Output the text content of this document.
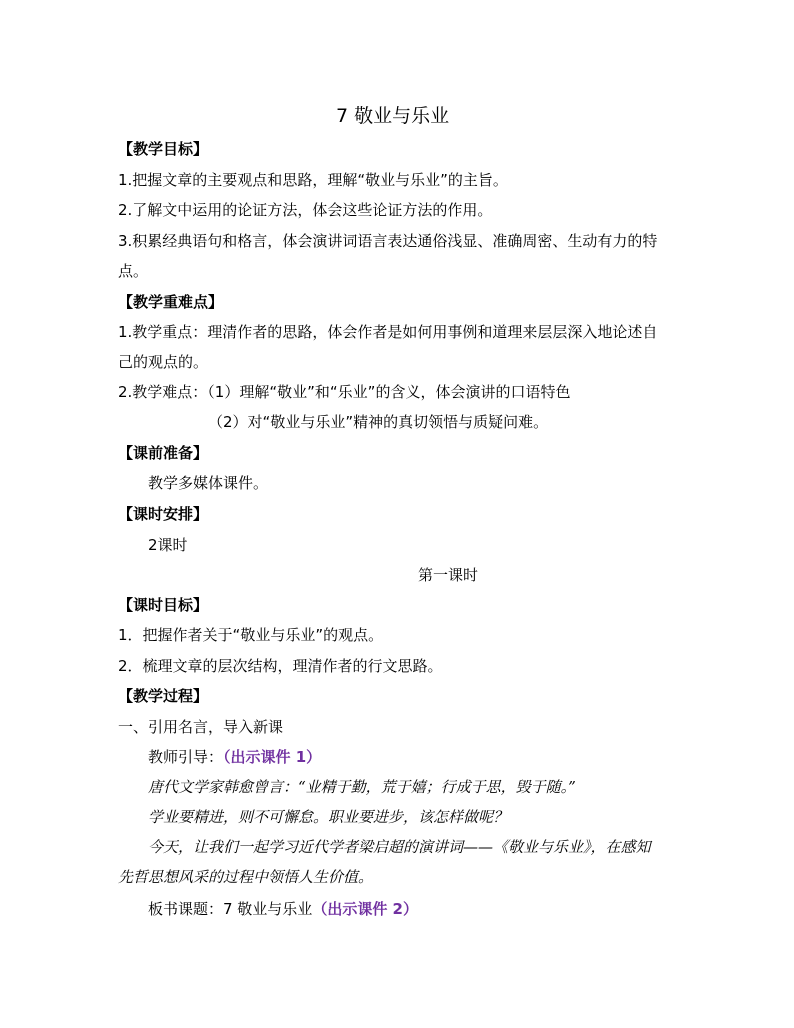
7 敬业与乐业
【教学目标】
1.把握文章的主要观点和思路，理解“敬业与乐业”的主旨。
2.了解文中运用的论证方法，体会这些论证方法的作用。
3.积累经典语句和格言，体会演讲词语言表达通俗浅显、准确周密、生动有力的特
点。
【教学重难点】
1.教学重点：理清作者的思路，体会作者是如何用事例和道理来层层深入地论述自
己的观点的。
2.教学难点：（1）理解“敬业”和“乐业”的含义，体会演讲的口语特色
（2）对“敬业与乐业”精神的真切领悟与质疑问难。
【课前准备】
教学多媒体课件。
【课时安排】
2课时
第一课时
【课时目标】
1．把握作者关于“敬业与乐业”的观点。
2．梳理文章的层次结构，理清作者的行文思路。
【教学过程】
一、引用名言，导入新课
教师引导：（出示课件 1）
唐代文学家韩愈曾言：“业精于勤，荒于嬉；行成于思，毁于随。”
学业要精进，则不可懈怠。职业要进步，该怎样做呢？
今天，让我们一起学习近代学者梁启超的演讲词——《敬业与乐业》，在感知
先哲思想风采的过程中领悟人生价值。
板书课题：7 敬业与乐业（出示课件 2）
